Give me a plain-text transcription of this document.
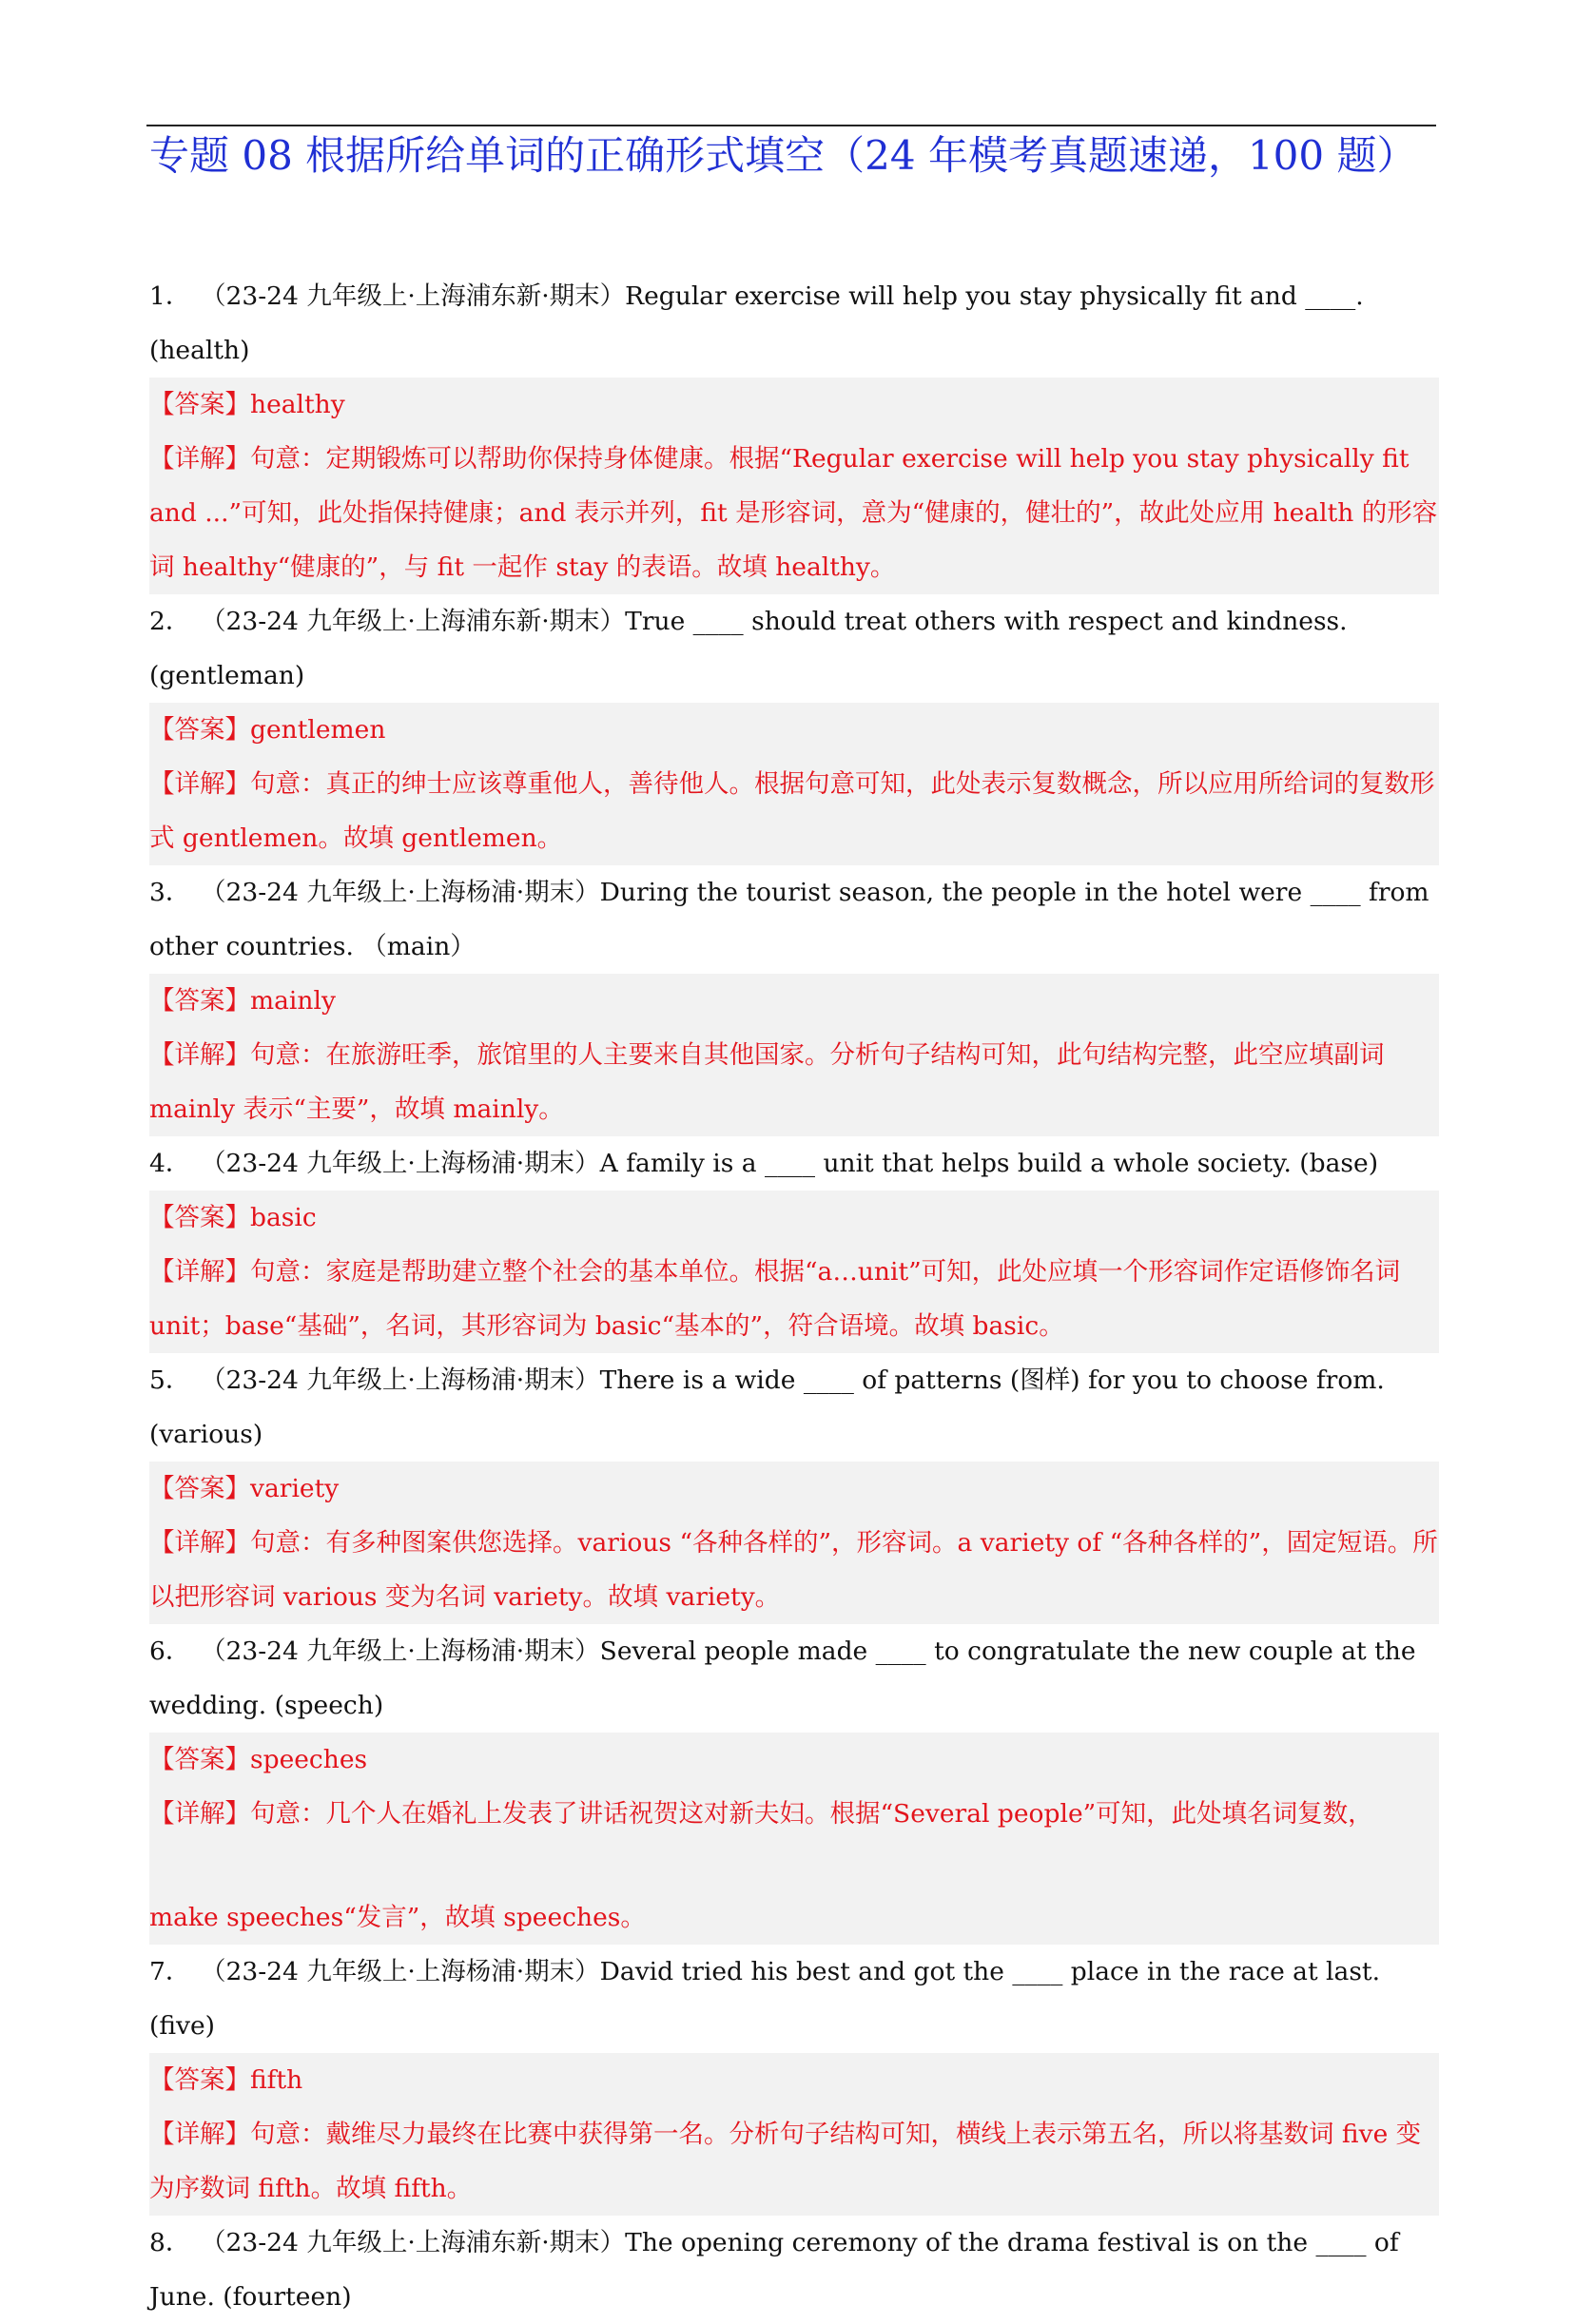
专题 08 根据所给单词的正确形式填空（24 年模考真题速递，100 题）
1． （23-24 九年级上·上海浦东新·期末）Regular exercise will help you stay physically fit and ____. (health)
【答案】healthy
【详解】句意：定期锻炼可以帮助你保持身体健康。根据“Regular exercise will help you stay physically fit and ...”可知，此处指保持健康；and 表示并列，fit 是形容词，意为“健康的，健壮的”，故此处应用 health 的形容词 healthy“健康的”，与 fit 一起作 stay 的表语。故填 healthy。
2． （23-24 九年级上·上海浦东新·期末）True ____ should treat others with respect and kindness. (gentleman)
【答案】gentlemen
【详解】句意：真正的绅士应该尊重他人，善待他人。根据句意可知，此处表示复数概念，所以应用所给词的复数形式 gentlemen。故填 gentlemen。
3． （23-24 九年级上·上海杨浦·期末）During the tourist season, the people in the hotel were ____ from other countries. （main）
【答案】mainly
【详解】句意：在旅游旺季，旅馆里的人主要来自其他国家。分析句子结构可知，此句结构完整，此空应填副词 mainly 表示“主要”，故填 mainly。
4． （23-24 九年级上·上海杨浦·期末）A family is a ____ unit that helps build a whole society. (base)
【答案】basic
【详解】句意：家庭是帮助建立整个社会的基本单位。根据“a…unit”可知，此处应填一个形容词作定语修饰名词 unit；base“基础”，名词，其形容词为 basic“基本的”，符合语境。故填 basic。
5． （23-24 九年级上·上海杨浦·期末）There is a wide ____ of patterns (图样) for you to choose from. (various)
【答案】variety
【详解】句意：有多种图案供您选择。various “各种各样的”，形容词。a variety of “各种各样的”，固定短语。所以把形容词 various 变为名词 variety。故填 variety。
6． （23-24 九年级上·上海杨浦·期末）Several people made ____ to congratulate the new couple at the wedding. (speech)
【答案】speeches
【详解】句意：几个人在婚礼上发表了讲话祝贺这对新夫妇。根据“Several people”可知，此处填名词复数，
make speeches“发言”，故填 speeches。
7． （23-24 九年级上·上海杨浦·期末）David tried his best and got the ____ place in the race at last. (five)
【答案】fifth
【详解】句意：戴维尽力最终在比赛中获得第一名。分析句子结构可知，横线上表示第五名，所以将基数词 five 变为序数词 fifth。故填 fifth。
8． （23-24 九年级上·上海浦东新·期末）The opening ceremony of the drama festival is on the ____ of June. (fourteen)
